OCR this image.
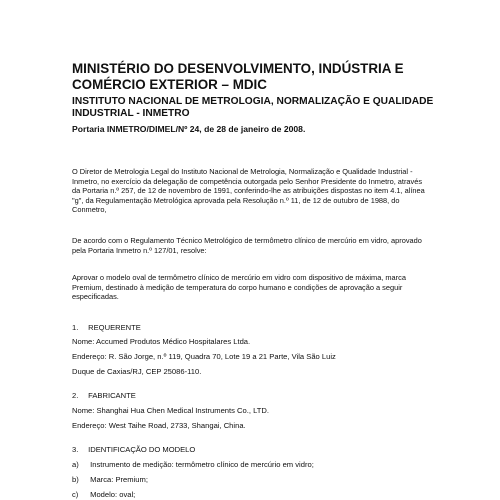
MINISTÉRIO DO DESENVOLVIMENTO, INDÚSTRIA E COMÉRCIO EXTERIOR – MDIC
INSTITUTO NACIONAL DE METROLOGIA, NORMALIZAÇÃO E QUALIDADE INDUSTRIAL - INMETRO
Portaria INMETRO/DIMEL/Nº 24, de 28 de janeiro de 2008.

O Diretor de Metrologia Legal do Instituto Nacional de Metrologia, Normalização e Qualidade Industrial - Inmetro, no exercício da delegação de competência outorgada pelo Senhor Presidente do Inmetro, através da Portaria n.º 257, de 12 de novembro de 1991, conferindo-lhe as atribuições dispostas no item 4.1, alínea "g", da Regulamentação Metrológica aprovada pela Resolução n.º 11, de 12 de outubro de 1988, do Conmetro,

De acordo com o Regulamento Técnico Metrológico de termômetro clínico de mercúrio em vidro, aprovado pela Portaria Inmetro n.º 127/01, resolve:

Aprovar o modelo oval de termômetro clínico de mercúrio em vidro com dispositivo de máxima, marca Premium, destinado à medição de temperatura do corpo humano e condições de aprovação a seguir especificadas.

1. REQUERENTE
Nome: Accumed Produtos Médico Hospitalares Ltda.
Endereço: R. São Jorge, n.º 119, Quadra 70, Lote 19 a 21 Parte, Vila São Luiz
Duque de Caxias/RJ, CEP 25086-110.
2. FABRICANTE
Nome: Shanghai Hua Chen Medical Instruments Co., LTD.
Endereço: West Taihe Road, 2733, Shangai, China.
3. IDENTIFICAÇÃO DO MODELO
a) Instrumento de medição: termômetro clínico de mercúrio em vidro;
b) Marca: Premium;
c) Modelo: oval;
